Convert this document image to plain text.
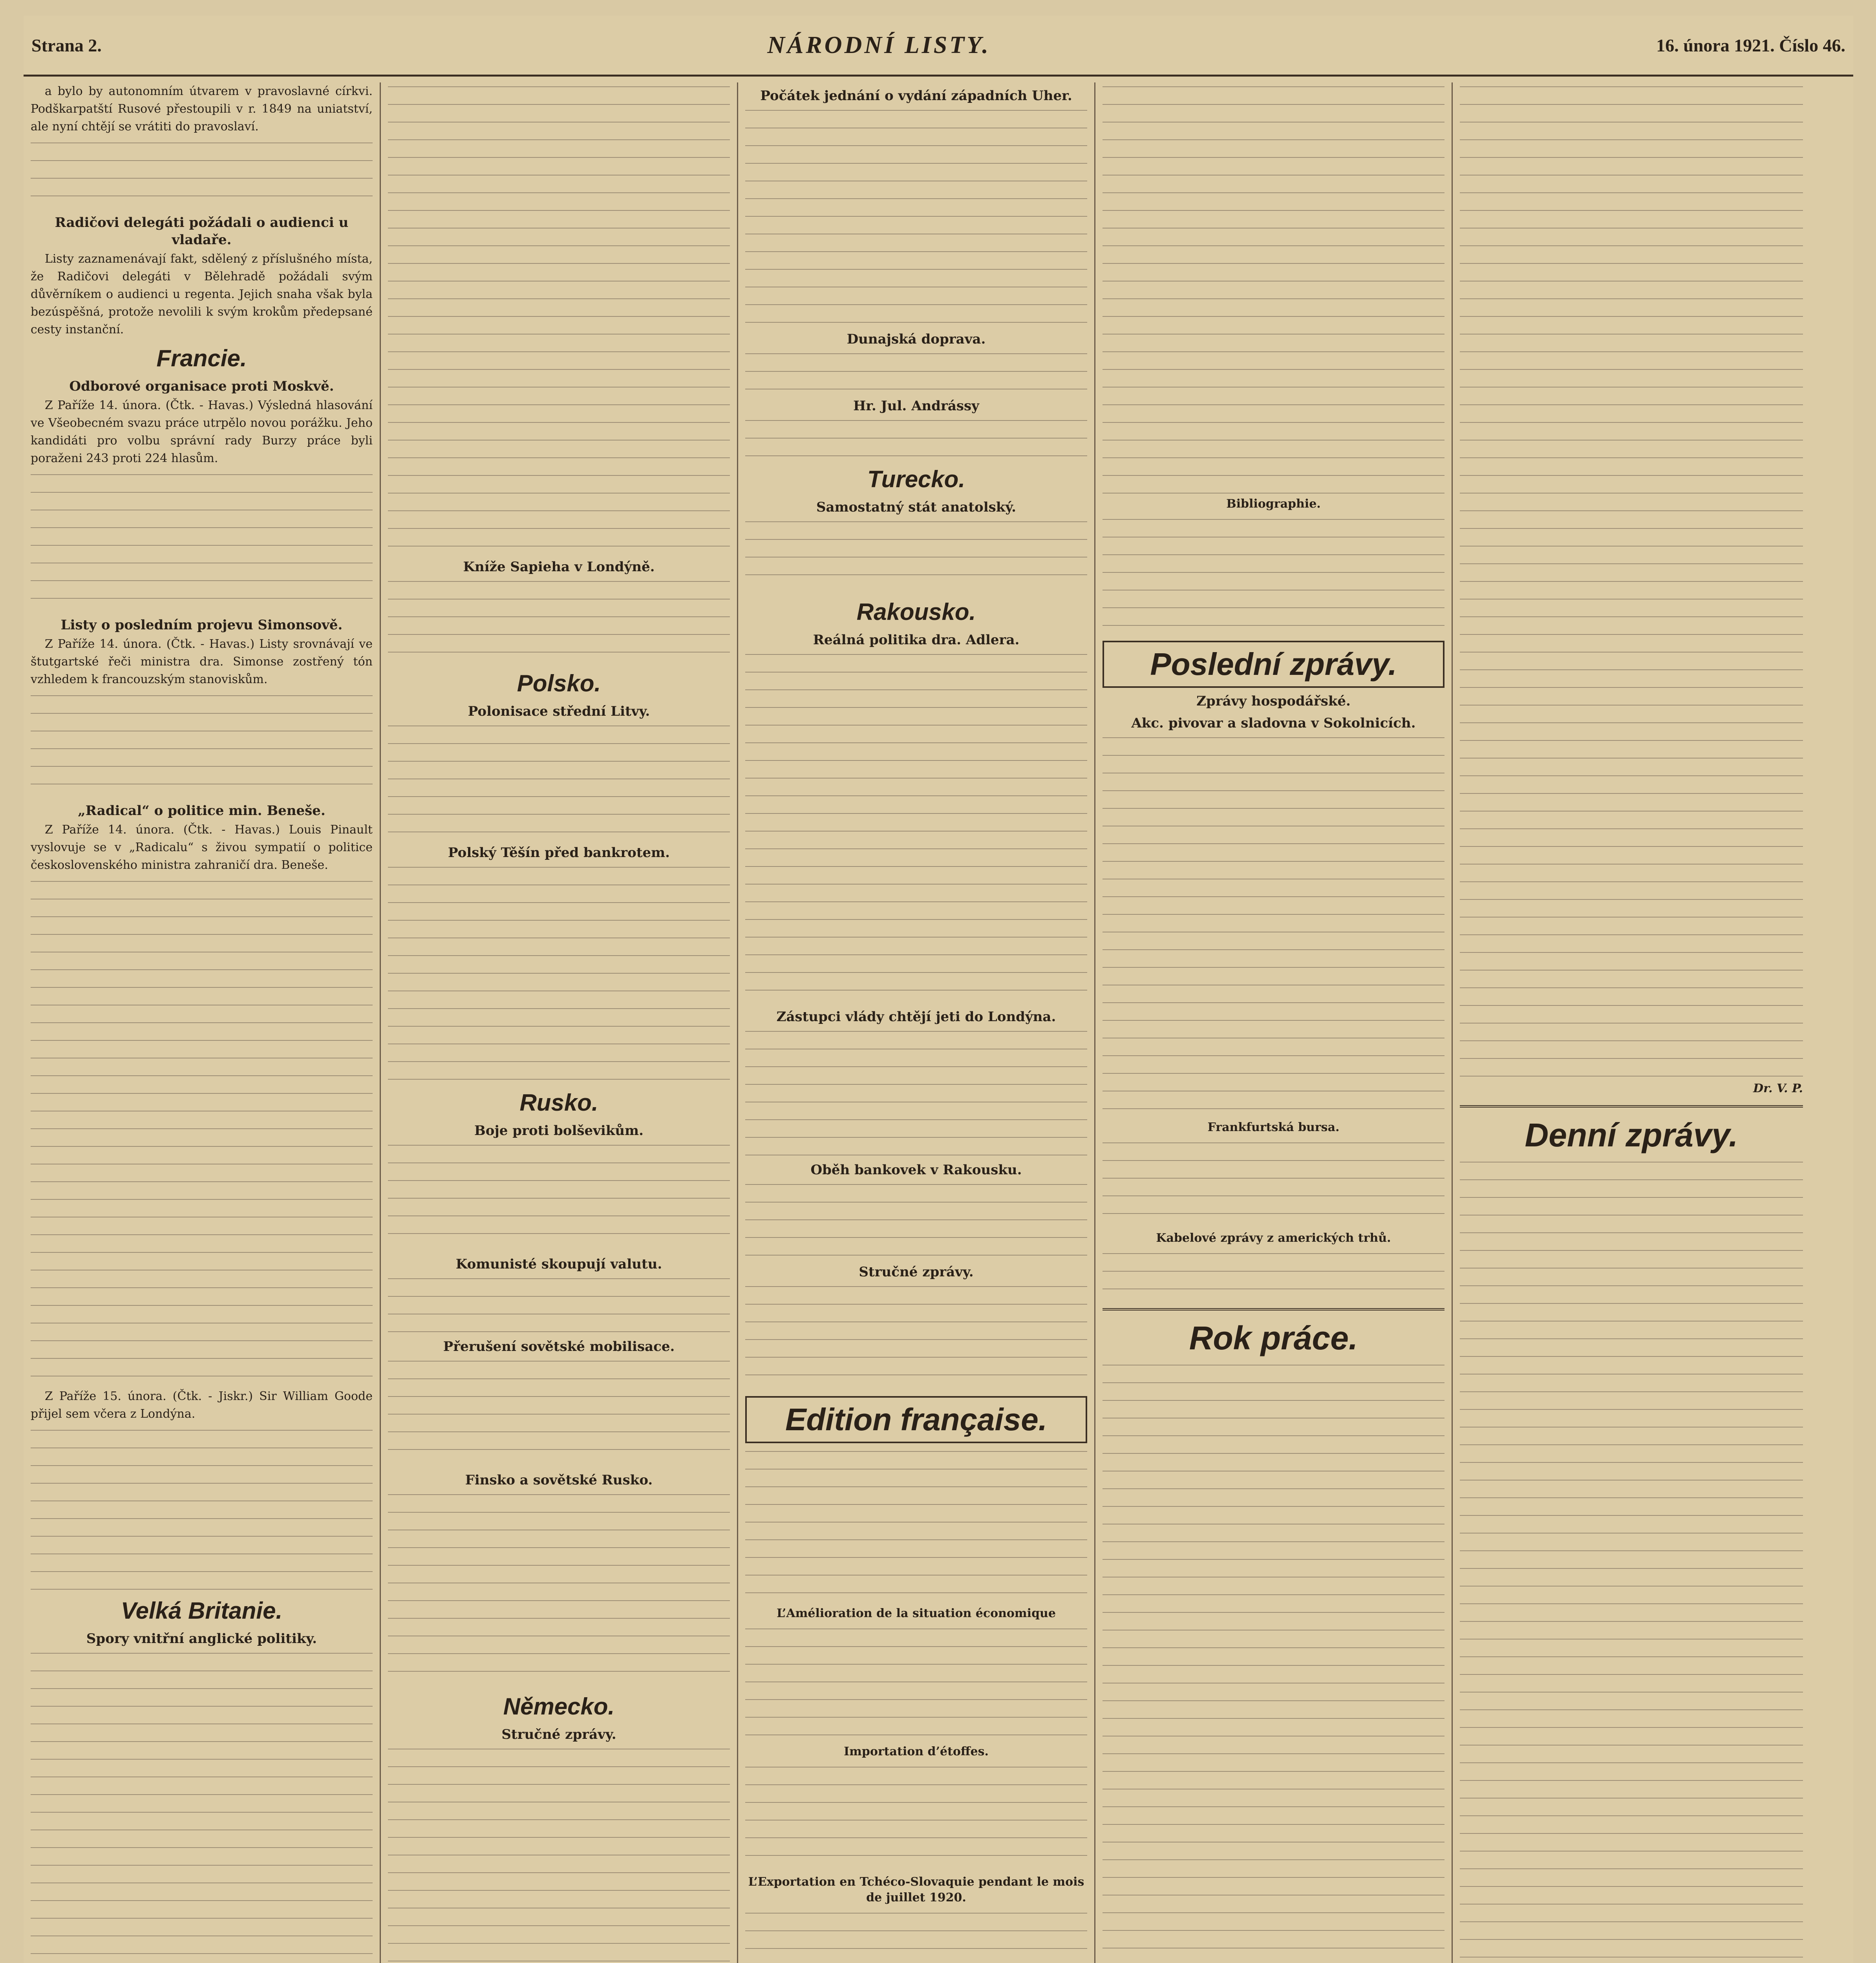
Strana 2.	NÁRODNÍ LISTY.	16. února 1921. Číslo 46.

a bylo by autonomním útvarem v pravoslavné církvi. Podškarpatští Rusové přestoupili v r. 1849 na uniatství, ale nyní chtějí se vrátiti do pravoslaví.

Radičovi delegáti požádali o audienci u vladaře.

Listy zaznamenávají fakt, sdělený z příslušného místa, že Radičovi delegáti v Bělehradě požádali svým důvěrníkem o audienci u regenta. Jejich snaha však byla bezúspěšná, protože nevolili k svým krokům předepsané cesty instanční.

Francie.
Odborové organisace proti Moskvě.

Z Paříže 14. února. (Čtk. - Havas.) Výsledná hlasování ve Všeobecném svazu práce utrpělo novou porážku. Jeho kandidáti pro volbu správní rady Burzy práce byli poraženi 243 proti 224 hlasům.

Listy o posledním projevu Simonsově.

Z Paříže 14. února. (Čtk. - Havas.) Listy srovnávají ve štutgartské řeči ministra dra. Simonse zostřený tón vzhledem k francouzským stanoviskům.

„Radical“ o politice min. Beneše.

Z Paříže 14. února. (Čtk. - Havas.) Louis Pinault vyslovuje se v „Radicalu“ s živou sympatií o politice československého ministra zahraničí dra. Beneše.

Z Paříže 15. února. (Čtk. - Jiskr.) Sir William Goode přijel sem včera z Londýna.

Velká Britanie.
Spory vnitřní anglické politiky.
Kníže Sapieha v Londýně.
Polsko.
Polonisace střední Litvy.
Polský Těšín před bankrotem.
Rusko.
Boje proti bolševikům.
Komunisté skoupují valutu.
Přerušení sovětské mobilisace.
Finsko a sovětské Rusko.
Německo.
Stručné zprávy.
Počátek jednání o vydání západních Uher.
Dunajská doprava.
Hr. Jul. Andrássy
Turecko.
Samostatný stát anatolský.
Rakousko.
Reálná politika dra. Adlera.
Zástupci vlády chtějí jeti do Londýna.
Oběh bankovek v Rakousku.
Stručné zprávy.
Edition française.
L’Amélioration de la situation économique
Importation d’étoffes.
L’Exportation en Tchéco-Slovaquie pendant le mois de juillet 1920.
Bibliographie.
Poslední zprávy.
Zprávy hospodářské.
Akc. pivovar a sladovna v Sokolnicích.
Frankfurtská bursa.
Kabelové zprávy z amerických trhů.
Rok práce.
Dr. V. P.
Denní zprávy.
